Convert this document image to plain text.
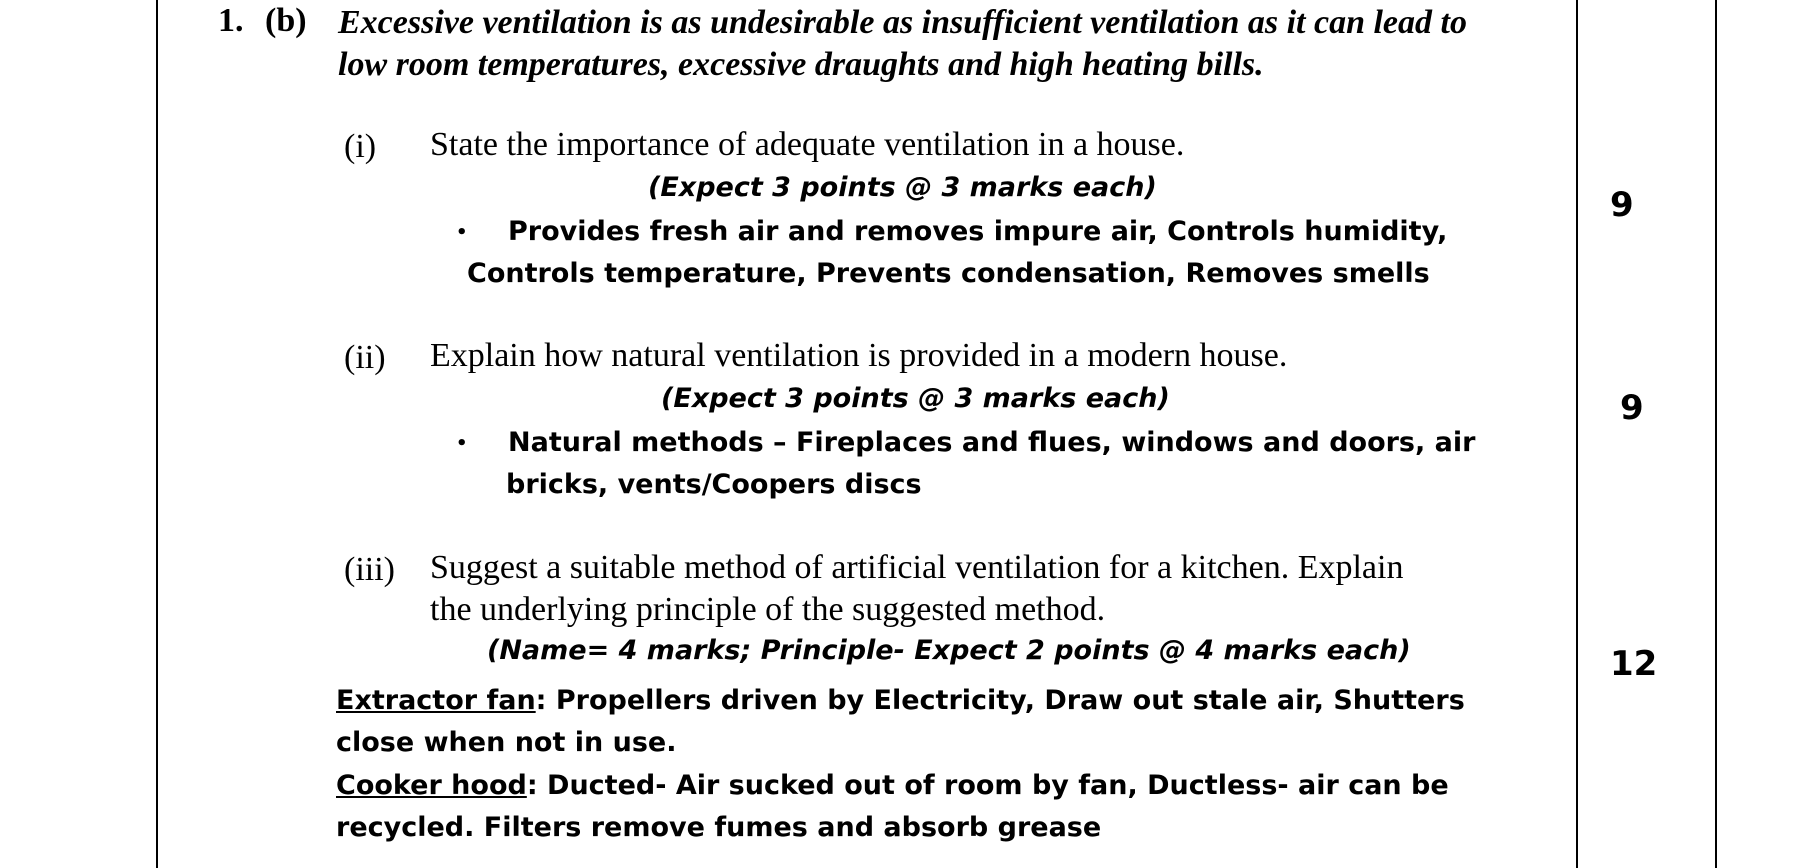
1. (b) Excessive ventilation is as undesirable as insufficient ventilation as it can lead to
low room temperatures, excessive draughts and high heating bills.
(i) State the importance of adequate ventilation in a house.
(Expect 3 points @ 3 marks each)
• Provides fresh air and removes impure air, Controls humidity,
Controls temperature, Prevents condensation, Removes smells
9
(ii) Explain how natural ventilation is provided in a modern house.
(Expect 3 points @ 3 marks each)
• Natural methods – Fireplaces and flues, windows and doors, air
bricks, vents/Coopers discs
9
(iii) Suggest a suitable method of artificial ventilation for a kitchen. Explain
the underlying principle of the suggested method.
(Name= 4 marks; Principle- Expect 2 points @ 4 marks each)
Extractor fan: Propellers driven by Electricity, Draw out stale air, Shutters
close when not in use.
Cooker hood: Ducted- Air sucked out of room by fan, Ductless- air can be
recycled. Filters remove fumes and absorb grease
12
